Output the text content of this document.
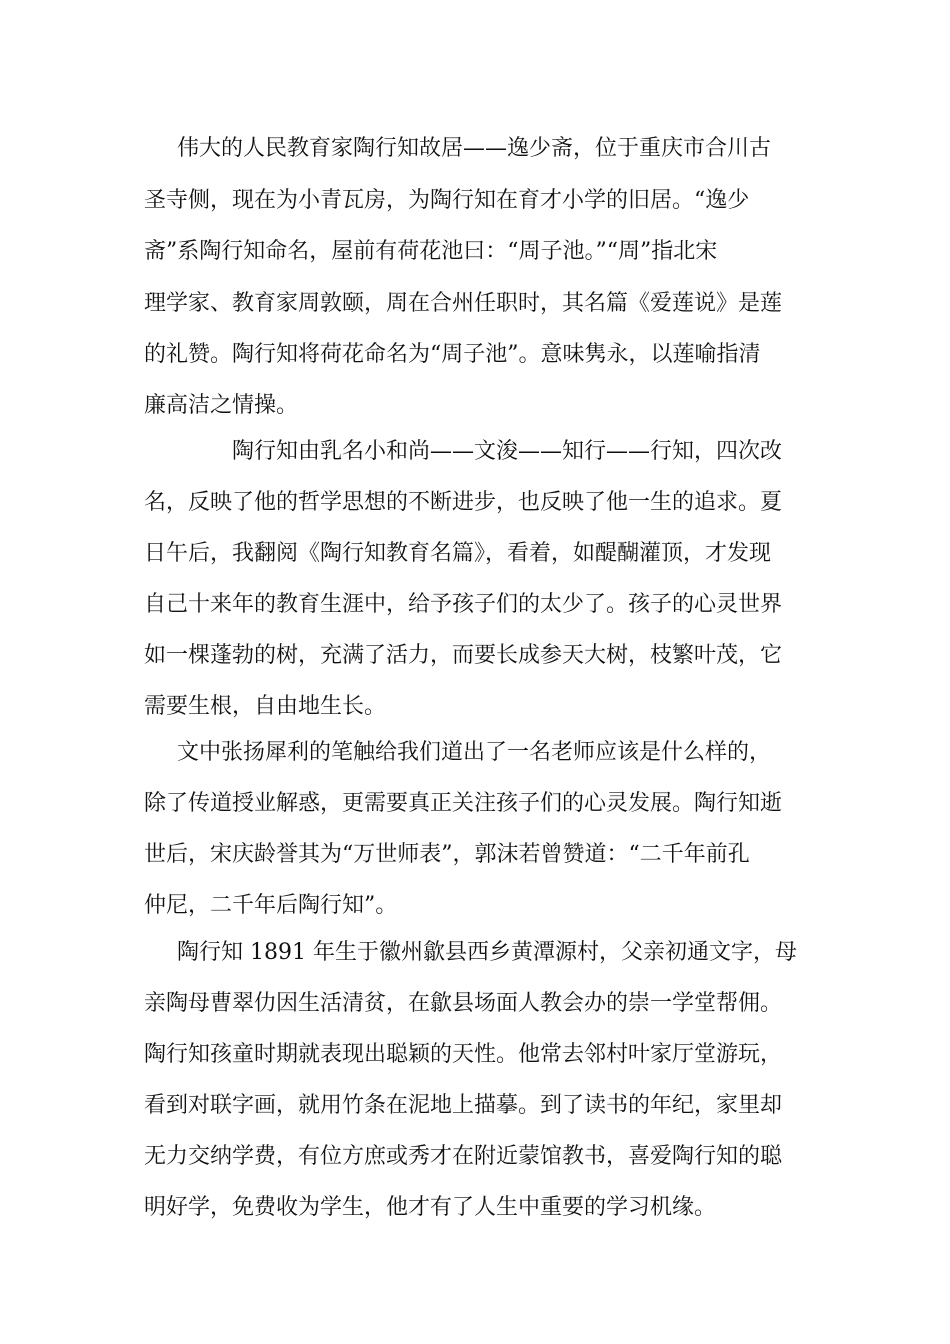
伟大的人民教育家陶行知故居——逸少斋，位于重庆市合川古
圣寺侧，现在为小青瓦房，为陶行知在育才小学的旧居。“逸少
斋”系陶行知命名，屋前有荷花池曰：“周子池。”“周”指北宋
理学家、教育家周敦颐，周在合州任职时，其名篇《爱莲说》是莲
的礼赞。陶行知将荷花命名为“周子池”。意味隽永，以莲喻指清
廉高洁之情操。
陶行知由乳名小和尚——文浚——知行——行知，四次改
名，反映了他的哲学思想的不断进步，也反映了他一生的追求。夏
日午后，我翻阅《陶行知教育名篇》，看着，如醍醐灌顶，才发现
自己十来年的教育生涯中，给予孩子们的太少了。孩子的心灵世界
如一棵蓬勃的树，充满了活力，而要长成参天大树，枝繁叶茂，它
需要生根，自由地生长。
文中张扬犀利的笔触给我们道出了一名老师应该是什么样的，
除了传道授业解惑，更需要真正关注孩子们的心灵发展。陶行知逝
世后，宋庆龄誉其为“万世师表”，郭沫若曾赞道：“二千年前孔
仲尼，二千年后陶行知”。
陶行知 1891 年生于徽州歙县西乡黄潭源村，父亲初通文字，母
亲陶母曹翠仂因生活清贫，在歙县场面人教会办的崇一学堂帮佣。
陶行知孩童时期就表现出聪颖的天性。他常去邻村叶家厅堂游玩，
看到对联字画，就用竹条在泥地上描摹。到了读书的年纪，家里却
无力交纳学费，有位方庶或秀才在附近蒙馆教书，喜爱陶行知的聪
明好学，免费收为学生，他才有了人生中重要的学习机缘。
